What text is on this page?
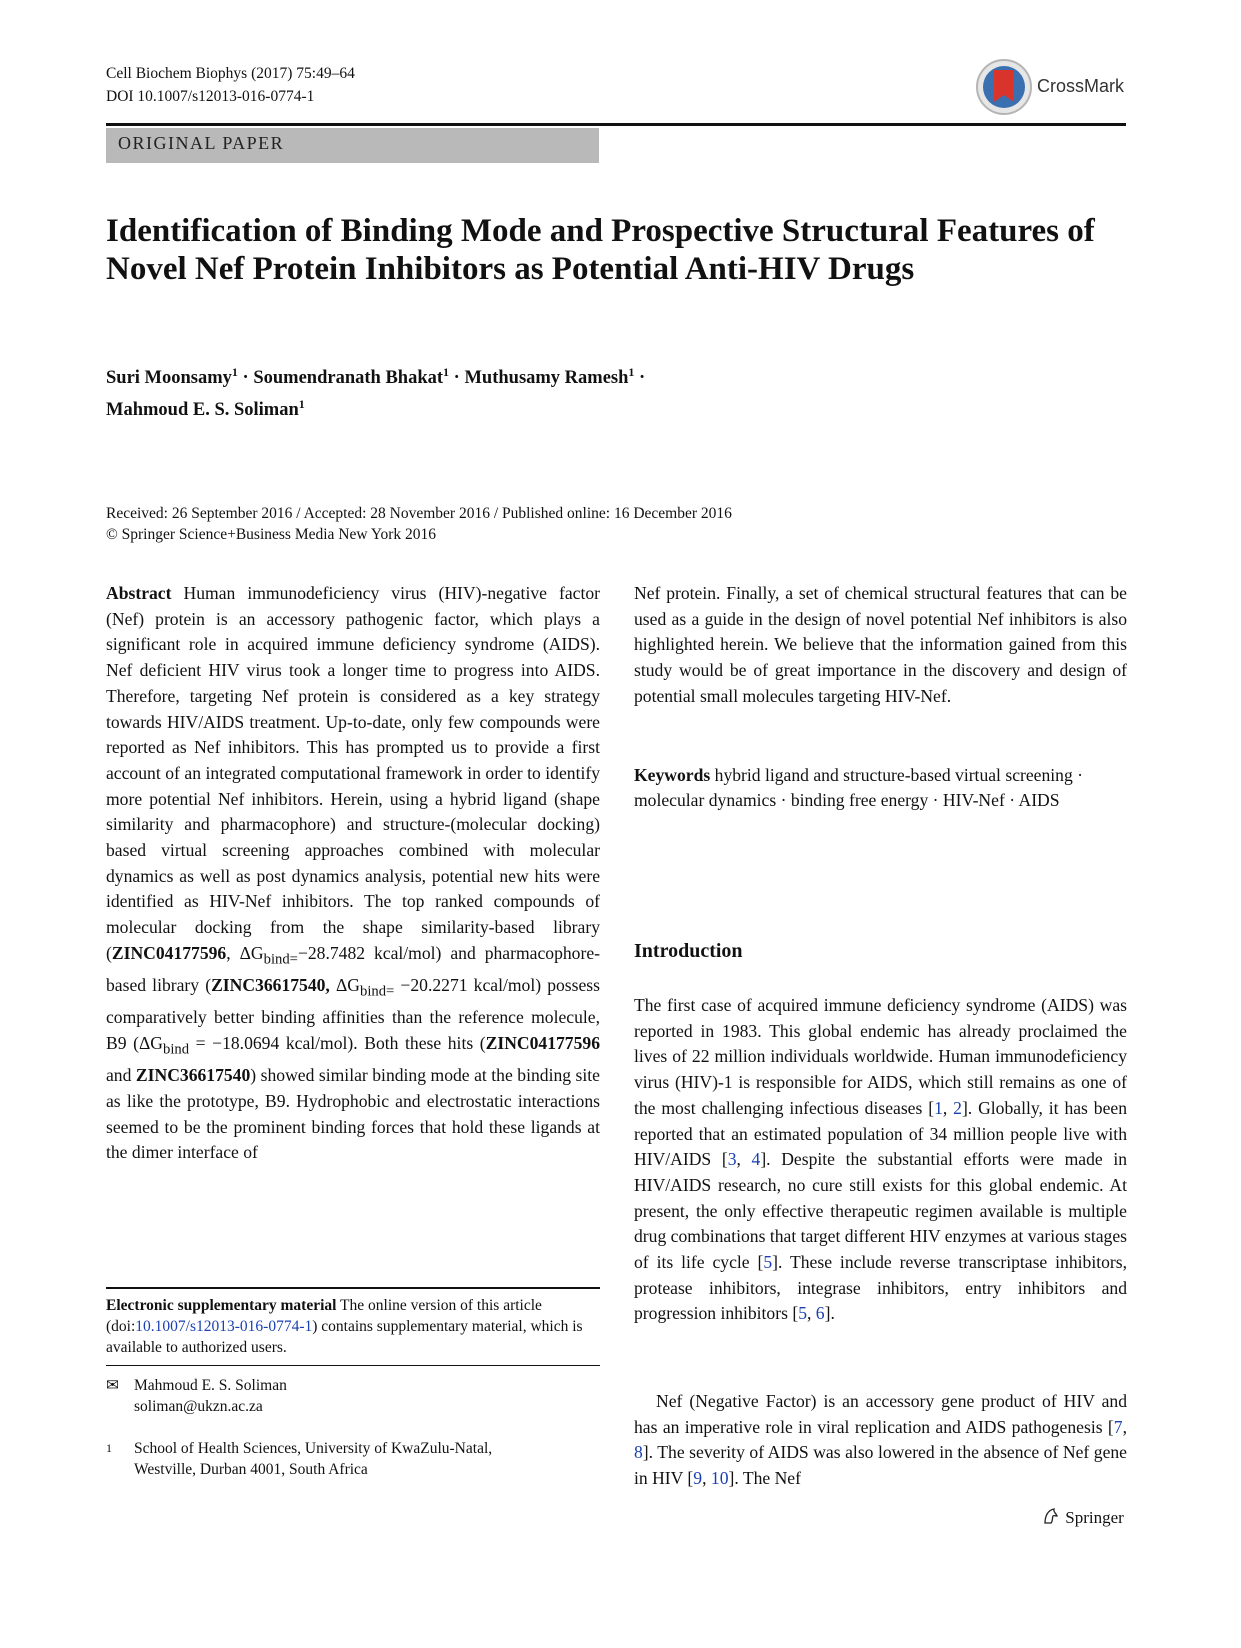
Cell Biochem Biophys (2017) 75:49–64
DOI 10.1007/s12013-016-0774-1
CrossMark
ORIGINAL PAPER
Identification of Binding Mode and Prospective Structural Features of Novel Nef Protein Inhibitors as Potential Anti-HIV Drugs
Suri Moonsamy$^1$ · Soumendranath Bhakat$^1$ · Muthusamy Ramesh$^1$ ·
Mahmoud E. S. Soliman$^1$
Received: 26 September 2016 / Accepted: 28 November 2016 / Published online: 16 December 2016
© Springer Science+Business Media New York 2016
Abstract Human immunodeficiency virus (HIV)-negative factor (Nef) protein is an accessory pathogenic factor, which plays a significant role in acquired immune deficiency syndrome (AIDS). Nef deficient HIV virus took a longer time to progress into AIDS. Therefore, targeting Nef protein is considered as a key strategy towards HIV/AIDS treatment. Up-to-date, only few compounds were reported as Nef inhibitors. This has prompted us to provide a first account of an integrated computational framework in order to identify more potential Nef inhibitors. Herein, using a hybrid ligand (shape similarity and pharmacophore) and structure-(molecular docking) based virtual screening approaches combined with molecular dynamics as well as post dynamics analysis, potential new hits were identified as HIV-Nef inhibitors. The top ranked compounds of molecular docking from the shape similarity-based library (ZINC04177596, $\Delta G_{bind=}-28.7482$ kcal/mol) and pharmacophore-based library (ZINC36617540, $\Delta G_{bind=} -20.2271$ kcal/mol) possess comparatively better binding affinities than the reference molecule, B9 ($\Delta G_{bind} = -18.0694$ kcal/mol). Both these hits (ZINC04177596 and ZINC36617540) showed similar binding mode at the binding site as like the prototype, B9. Hydrophobic and electrostatic interactions seemed to be the prominent binding forces that hold these ligands at the dimer interface of
Nef protein. Finally, a set of chemical structural features that can be used as a guide in the design of novel potential Nef inhibitors is also highlighted herein. We believe that the information gained from this study would be of great importance in the discovery and design of potential small molecules targeting HIV-Nef.
Keywords hybrid ligand and structure-based virtual screening · molecular dynamics · binding free energy · HIV-Nef · AIDS
Introduction
The first case of acquired immune deficiency syndrome (AIDS) was reported in 1983. This global endemic has already proclaimed the lives of 22 million individuals worldwide. Human immunodeficiency virus (HIV)-1 is responsible for AIDS, which still remains as one of the most challenging infectious diseases [1, 2]. Globally, it has been reported that an estimated population of 34 million people live with HIV/AIDS [3, 4]. Despite the substantial efforts were made in HIV/AIDS research, no cure still exists for this global endemic. At present, the only effective therapeutic regimen available is multiple drug combinations that target different HIV enzymes at various stages of its life cycle [5]. These include reverse transcriptase inhibitors, protease inhibitors, integrase inhibitors, entry inhibitors and progression inhibitors [5, 6].
Nef (Negative Factor) is an accessory gene product of HIV and has an imperative role in viral replication and AIDS pathogenesis [7, 8]. The severity of AIDS was also lowered in the absence of Nef gene in HIV [9, 10]. The Nef
Electronic supplementary material The online version of this article (doi:10.1007/s12013-016-0774-1) contains supplementary material, which is available to authorized users.
✉ Mahmoud E. S. Soliman
soliman@ukzn.ac.za
1	School of Health Sciences, University of KwaZulu-Natal,
Westville, Durban 4001, South Africa
Springer
